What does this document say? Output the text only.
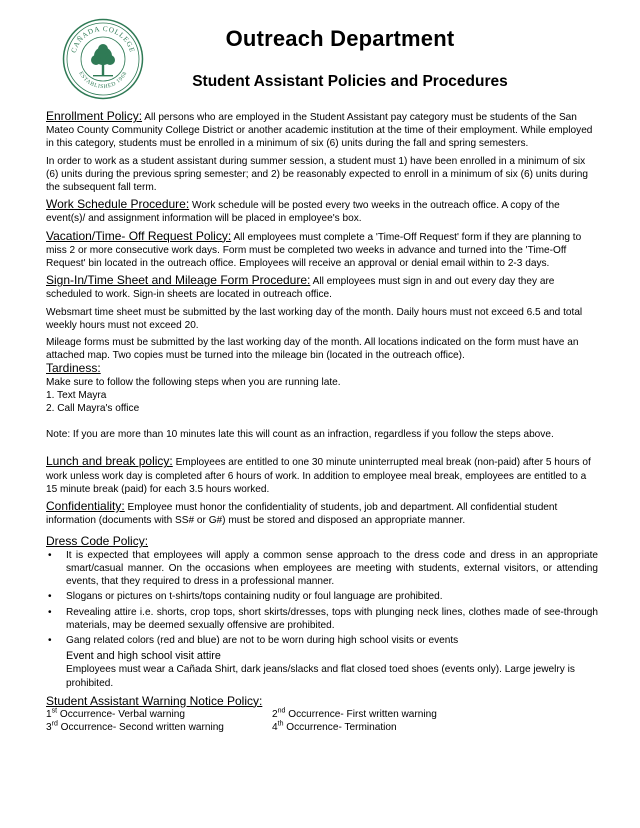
CAÑADA COLLEGE
ESTABLISHED 1968
Outreach Department
Student Assistant Policies and Procedures

Enrollment Policy: All persons who are employed in the Student Assistant pay category must be students of the San Mateo County Community College District or another academic institution at the time of their employment. While employed in this category, students must be enrolled in a minimum of six (6) units during the fall and spring semesters.

In order to work as a student assistant during summer session, a student must 1) have been enrolled in a minimum of six (6) units during the previous spring semester; and 2) be reasonably expected to enroll in a minimum of six (6) units during the subsequent fall term.

Work Schedule Procedure: Work schedule will be posted every two weeks in the outreach office. A copy of the event(s)/ and assignment information will be placed in employee's box.

Vacation/Time- Off Request Policy: All employees must complete a 'Time-Off Request' form if they are planning to miss 2 or more consecutive work days. Form must be completed two weeks in advance and turned into the 'Time-Off Request' bin located in the outreach office. Employees will receive an approval or denial email within to 2-3 days.

Sign-In/Time Sheet and Mileage Form Procedure: All employees must sign in and out every day they are scheduled to work. Sign-in sheets are located in outreach office.

Websmart time sheet must be submitted by the last working day of the month. Daily hours must not exceed 6.5 and total weekly hours must not exceed 20.

Mileage forms must be submitted by the last working day of the month. All locations indicated on the form must have an attached map. Two copies must be turned into the mileage bin (located in the outreach office).

Tardiness:
Make sure to follow the following steps when you are running late.
1. Text Mayra
2. Call Mayra's office
Note: If you are more than 10 minutes late this will count as an infraction, regardless if you follow the steps above.

Lunch and break policy: Employees are entitled to one 30 minute uninterrupted meal break (non-paid) after 5 hours of work unless work day is completed after 6 hours of work. In addition to employee meal break, employees are entitled to a 15 minute break (paid) for each 3.5 hours worked.

Confidentiality: Employee must honor the confidentiality of students, job and department. All confidential student information (documents with SS# or G#) must be stored and disposed an appropriate manner.

Dress Code Policy:
• It is expected that employees will apply a common sense approach to the dress code and dress in an appropriate smart/casual manner. On the occasions when employees are meeting with students, external visitors, or attending events, that they required to dress in a professional manner.
• Slogans or pictures on t-shirts/tops containing nudity or foul language are prohibited.
• Revealing attire i.e. shorts, crop tops, short skirts/dresses, tops with plunging neck lines, clothes made of see-through materials, may be deemed sexually offensive are prohibited.
• Gang related colors (red and blue) are not to be worn during high school visits or events
Event and high school visit attire
Employees must wear a Cañada Shirt, dark jeans/slacks and flat closed toed shoes (events only). Large jewelry is prohibited.
Student Assistant Warning Notice Policy:
1st Occurrence- Verbal warning	2nd Occurrence- First written warning
3rd Occurrence- Second written warning	4th Occurrence- Termination
